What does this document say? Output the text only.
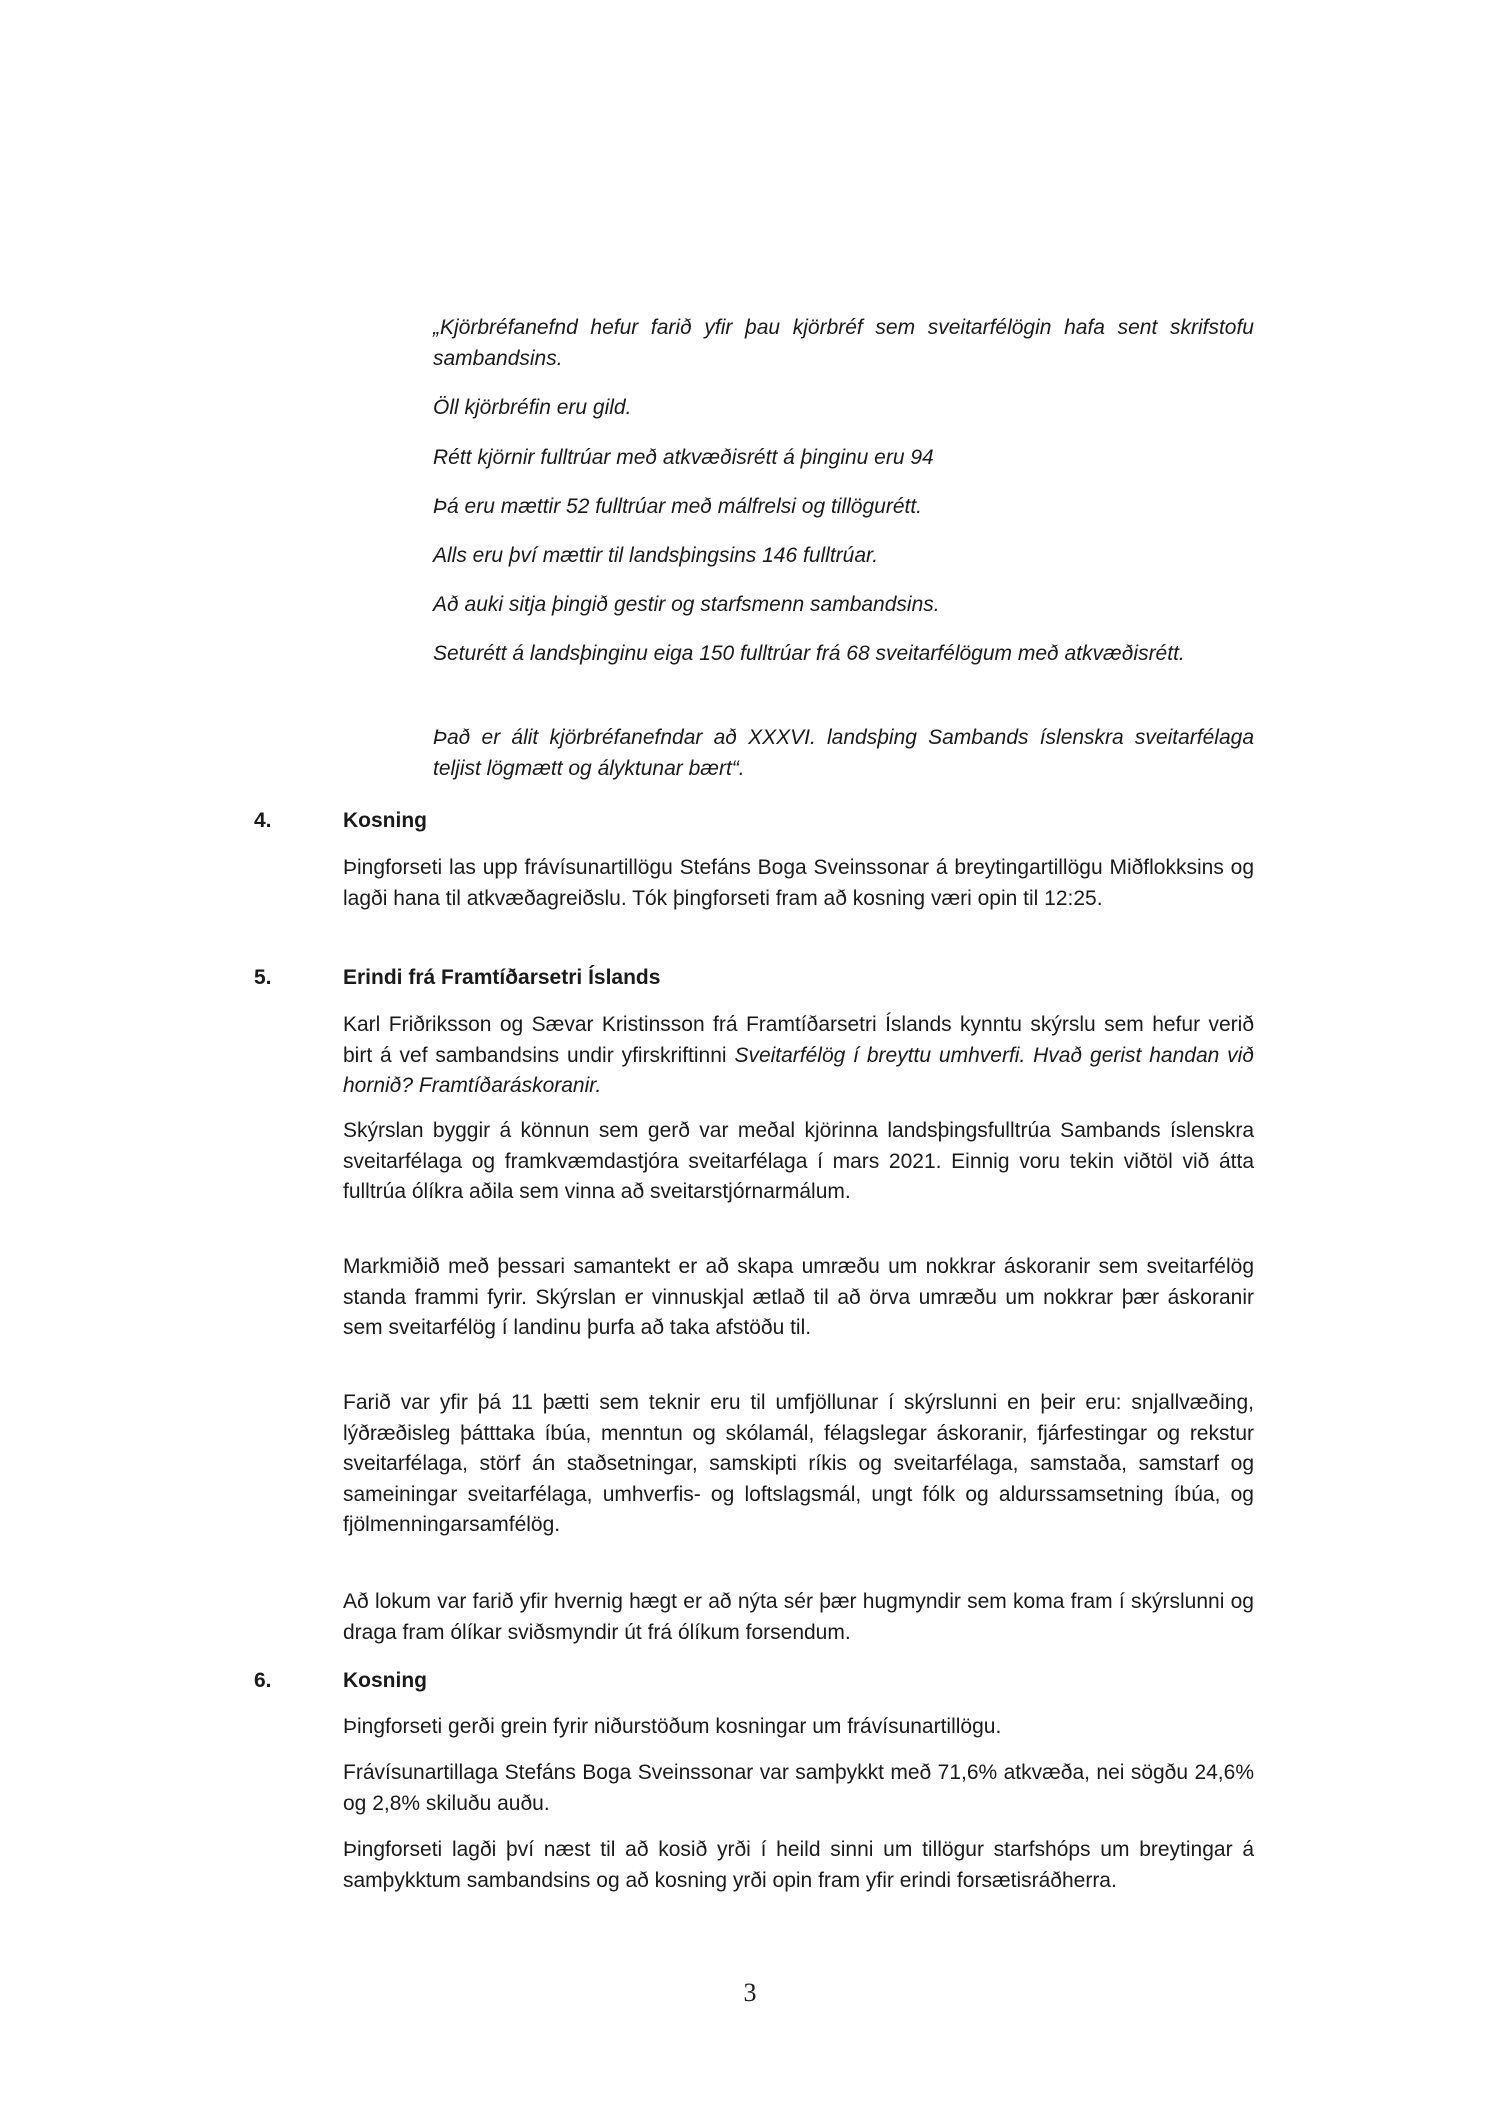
„Kjörbréfanefnd hefur farið yfir þau kjörbréf sem sveitarfélögin hafa sent skrifstofu sambandsins.

Öll kjörbréfin eru gild.

Rétt kjörnir fulltrúar með atkvæðisrétt á þinginu eru 94

Þá eru mættir 52 fulltrúar með málfrelsi og tillögurétt.

Alls eru því mættir til landsþingsins 146 fulltrúar.

Að auki sitja þingið gestir og starfsmenn sambandsins.

Seturétt á landsþinginu eiga 150 fulltrúar frá 68 sveitarfélögum með atkvæðisrétt.

Það er álit kjörbréfanefndar að XXXVI. landsþing Sambands íslenskra sveitarfélaga teljist lögmætt og ályktunar bært“.

4.	Kosning

Þingforseti las upp frávísunartillögu Stefáns Boga Sveinssonar á breytingartillögu Miðflokksins og lagði hana til atkvæðagreiðslu. Tók þingforseti fram að kosning væri opin til 12:25.

5.	Erindi frá Framtíðarsetri Íslands

Karl Friðriksson og Sævar Kristinsson frá Framtíðarsetri Íslands kynntu skýrslu sem hefur verið birt á vef sambandsins undir yfirskriftinni Sveitarfélög í breyttu umhverfi. Hvað gerist handan við hornið? Framtíðaráskoranir.

Skýrslan byggir á könnun sem gerð var meðal kjörinna landsþingsfulltrúa Sambands íslenskra sveitarfélaga og framkvæmdastjóra sveitarfélaga í mars 2021. Einnig voru tekin viðtöl við átta fulltrúa ólíkra aðila sem vinna að sveitarstjórnarmálum.

Markmiðið með þessari samantekt er að skapa umræðu um nokkrar áskoranir sem sveitarfélög standa frammi fyrir. Skýrslan er vinnuskjal ætlað til að örva umræðu um nokkrar þær áskoranir sem sveitarfélög í landinu þurfa að taka afstöðu til.

Farið var yfir þá 11 þætti sem teknir eru til umfjöllunar í skýrslunni en þeir eru: snjallvæðing, lýðræðisleg þátttaka íbúa, menntun og skólamál, félagslegar áskoranir, fjárfestingar og rekstur sveitarfélaga, störf án staðsetningar, samskipti ríkis og sveitarfélaga, samstaða, samstarf og sameiningar sveitarfélaga, umhverfis- og loftslagsmál, ungt fólk og aldurssamsetning íbúa, og fjölmenningarsamfélög.

Að lokum var farið yfir hvernig hægt er að nýta sér þær hugmyndir sem koma fram í skýrslunni og draga fram ólíkar sviðsmyndir út frá ólíkum forsendum.

6.	Kosning

Þingforseti gerði grein fyrir niðurstöðum kosningar um frávísunartillögu.

Frávísunartillaga Stefáns Boga Sveinssonar var samþykkt með 71,6% atkvæða, nei sögðu 24,6% og 2,8% skiluðu auðu.

Þingforseti lagði því næst til að kosið yrði í heild sinni um tillögur starfshóps um breytingar á samþykktum sambandsins og að kosning yrði opin fram yfir erindi forsætisráðherra.

3
